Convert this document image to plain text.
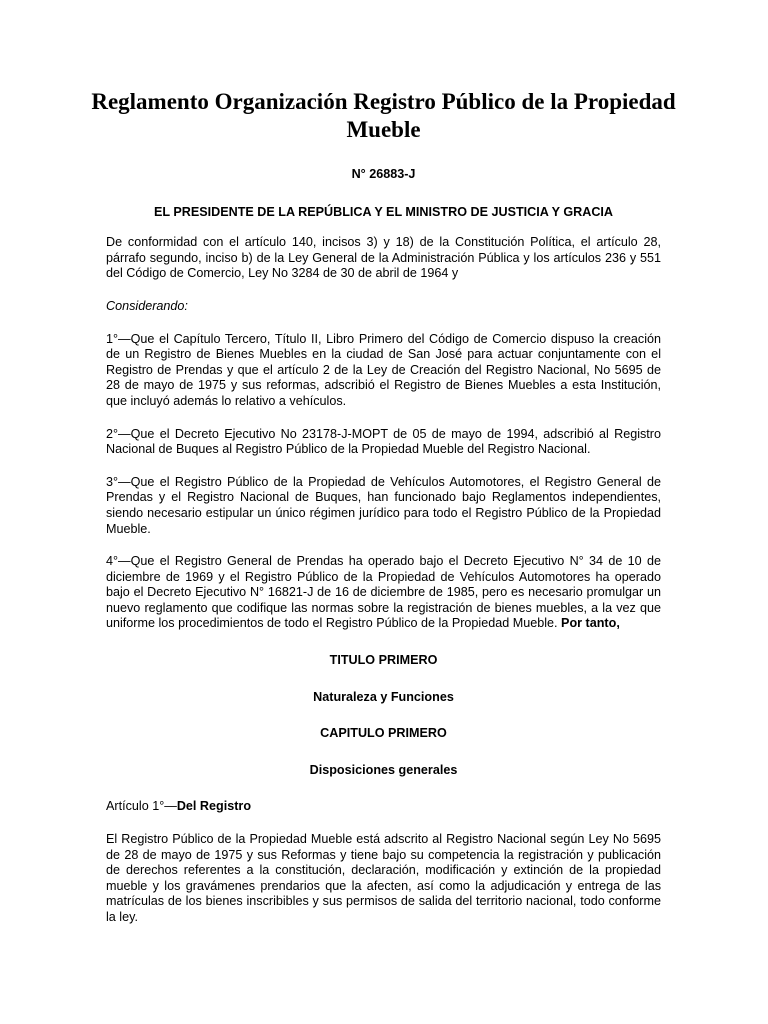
Reglamento Organización Registro Público de la Propiedad Mueble
N° 26883-J
EL PRESIDENTE DE LA REPÚBLICA Y EL MINISTRO DE JUSTICIA Y GRACIA

De conformidad con el artículo 140, incisos 3) y 18) de la Constitución Política, el artículo 28, párrafo segundo, inciso b) de la Ley General de la Administración Pública y los artículos 236 y 551 del Código de Comercio, Ley No 3284 de 30 de abril de 1964 y

Considerando:

1°—Que el Capítulo Tercero, Título II, Libro Primero del Código de Comercio dispuso la creación de un Registro de Bienes Muebles en la ciudad de San José para actuar conjuntamente con el Registro de Prendas y que el artículo 2 de la Ley de Creación del Registro Nacional, No 5695 de 28 de mayo de 1975 y sus reformas, adscribió el Registro de Bienes Muebles a esta Institución, que incluyó además lo relativo a vehículos.

2°—Que el Decreto Ejecutivo No 23178-J-MOPT de 05 de mayo de 1994, adscribió al Registro Nacional de Buques al Registro Público de la Propiedad Mueble del Registro Nacional.

3°—Que el Registro Público de la Propiedad de Vehículos Automotores, el Registro General de Prendas y el Registro Nacional de Buques, han funcionado bajo Reglamentos independientes, siendo necesario estipular un único régimen jurídico para todo el Registro Público de la Propiedad Mueble.

4°—Que el Registro General de Prendas ha operado bajo el Decreto Ejecutivo N° 34 de 10 de diciembre de 1969 y el Registro Público de la Propiedad de Vehículos Automotores ha operado bajo el Decreto Ejecutivo N° 16821-J de 16 de diciembre de 1985, pero es necesario promulgar un nuevo reglamento que codifique las normas sobre la registración de bienes muebles, a la vez que uniforme los procedimientos de todo el Registro Público de la Propiedad Mueble. Por tanto,

TITULO PRIMERO
Naturaleza y Funciones
CAPITULO PRIMERO
Disposiciones generales
Artículo 1°—Del Registro

El Registro Público de la Propiedad Mueble está adscrito al Registro Nacional según Ley No 5695 de 28 de mayo de 1975 y sus Reformas y tiene bajo su competencia la registración y publicación de derechos referentes a la constitución, declaración, modificación y extinción de la propiedad mueble y los gravámenes prendarios que la afecten, así como la adjudicación y entrega de las matrículas de los bienes inscribibles y sus permisos de salida del territorio nacional, todo conforme la ley.
